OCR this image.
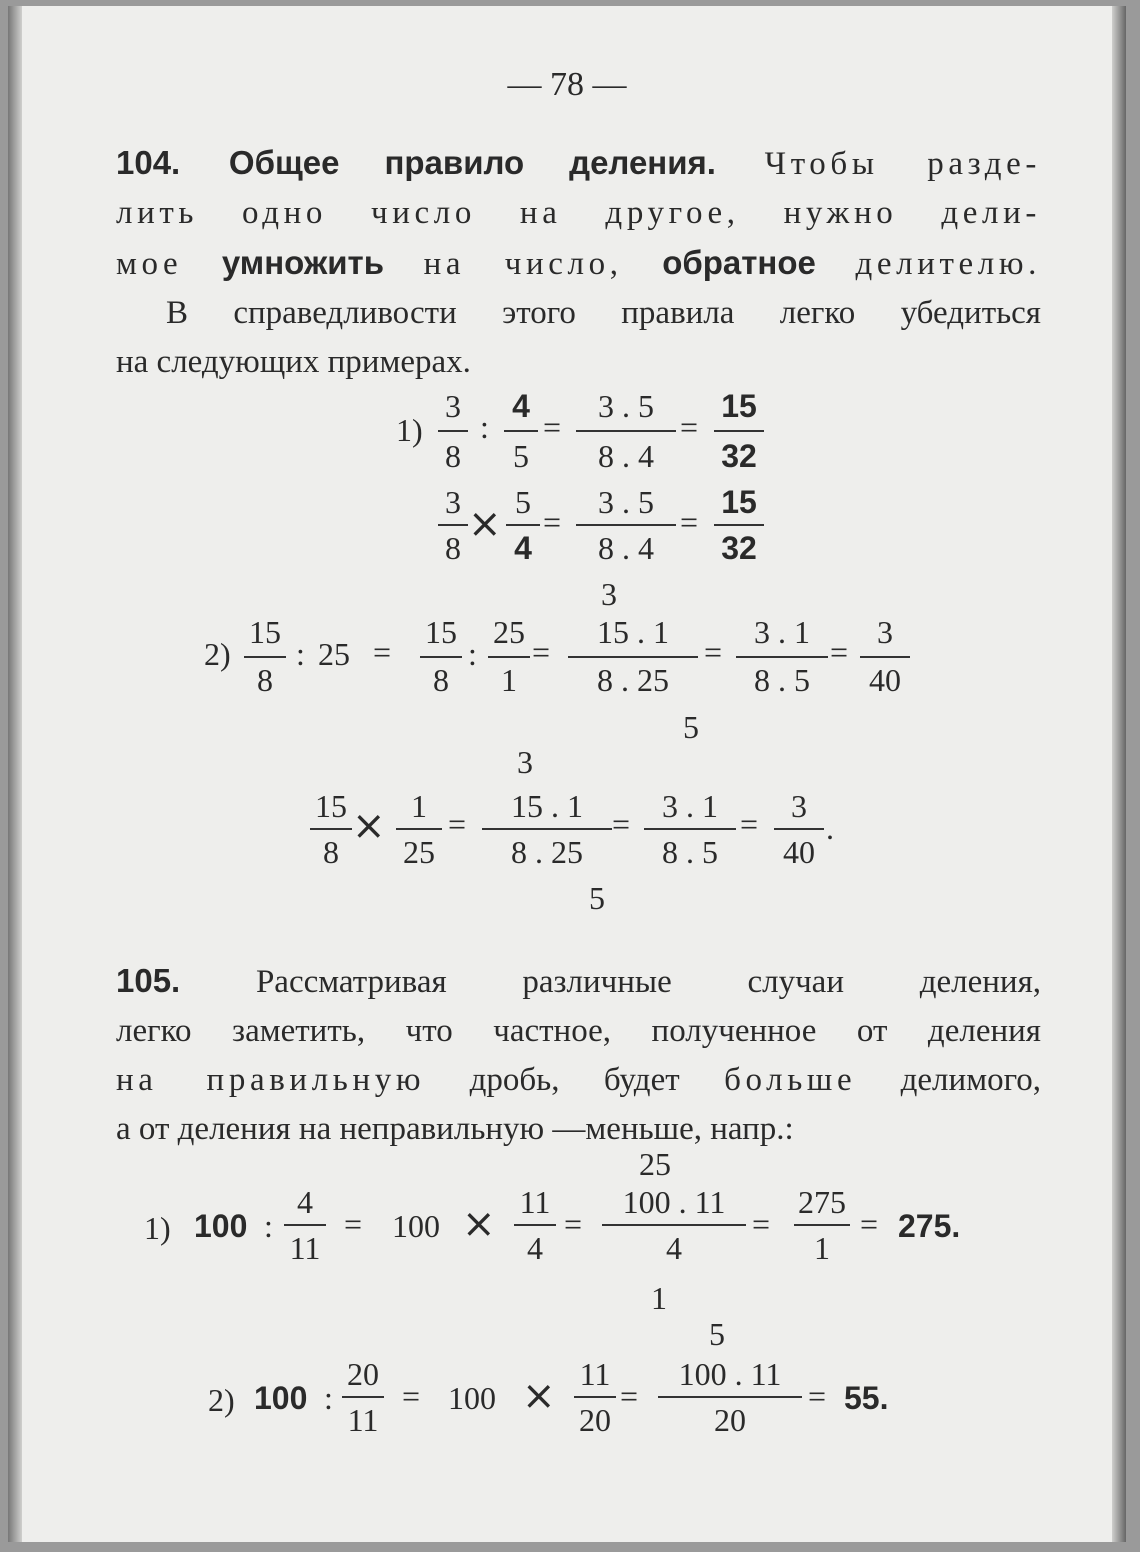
— 78 —
104. Общее правило деления. Чтобы разде-
лить одно число на другое, нужно дели-
мое умножить на число, обратное делителю.
В справедливости этого правила легко убедиться
на следующих примерах.
1)
3
8
:
4
5
=
3 . 5
8 . 4
=
15
32
3
8
× 5
4
=
3 . 5
8 . 4
=
15
32
3
2)
15
8
: 25 =
15
8
:
25
1
=
15 . 1
8 . 25
=
3 . 1
8 . 5
=
3
40
5
3
15
8
× 1
25
=	15 . 1
8 . 25
= 3 . 1
8 . 5
=	3
40
.
5
105. Рассматривая различные случаи деления,
легко заметить, что частное, полученное от деления
на правильную дробь, будет больше делимого,
а от деления на неправильную —меньше, напр.:
25
1) 100 :
4
11
= 100 × 11
4
=
100 . 11
4
=
275
1
= 275.
1
5
2) 100 :
20
11
= 100 × 11
20
=
100 . 11
20
= 55.
